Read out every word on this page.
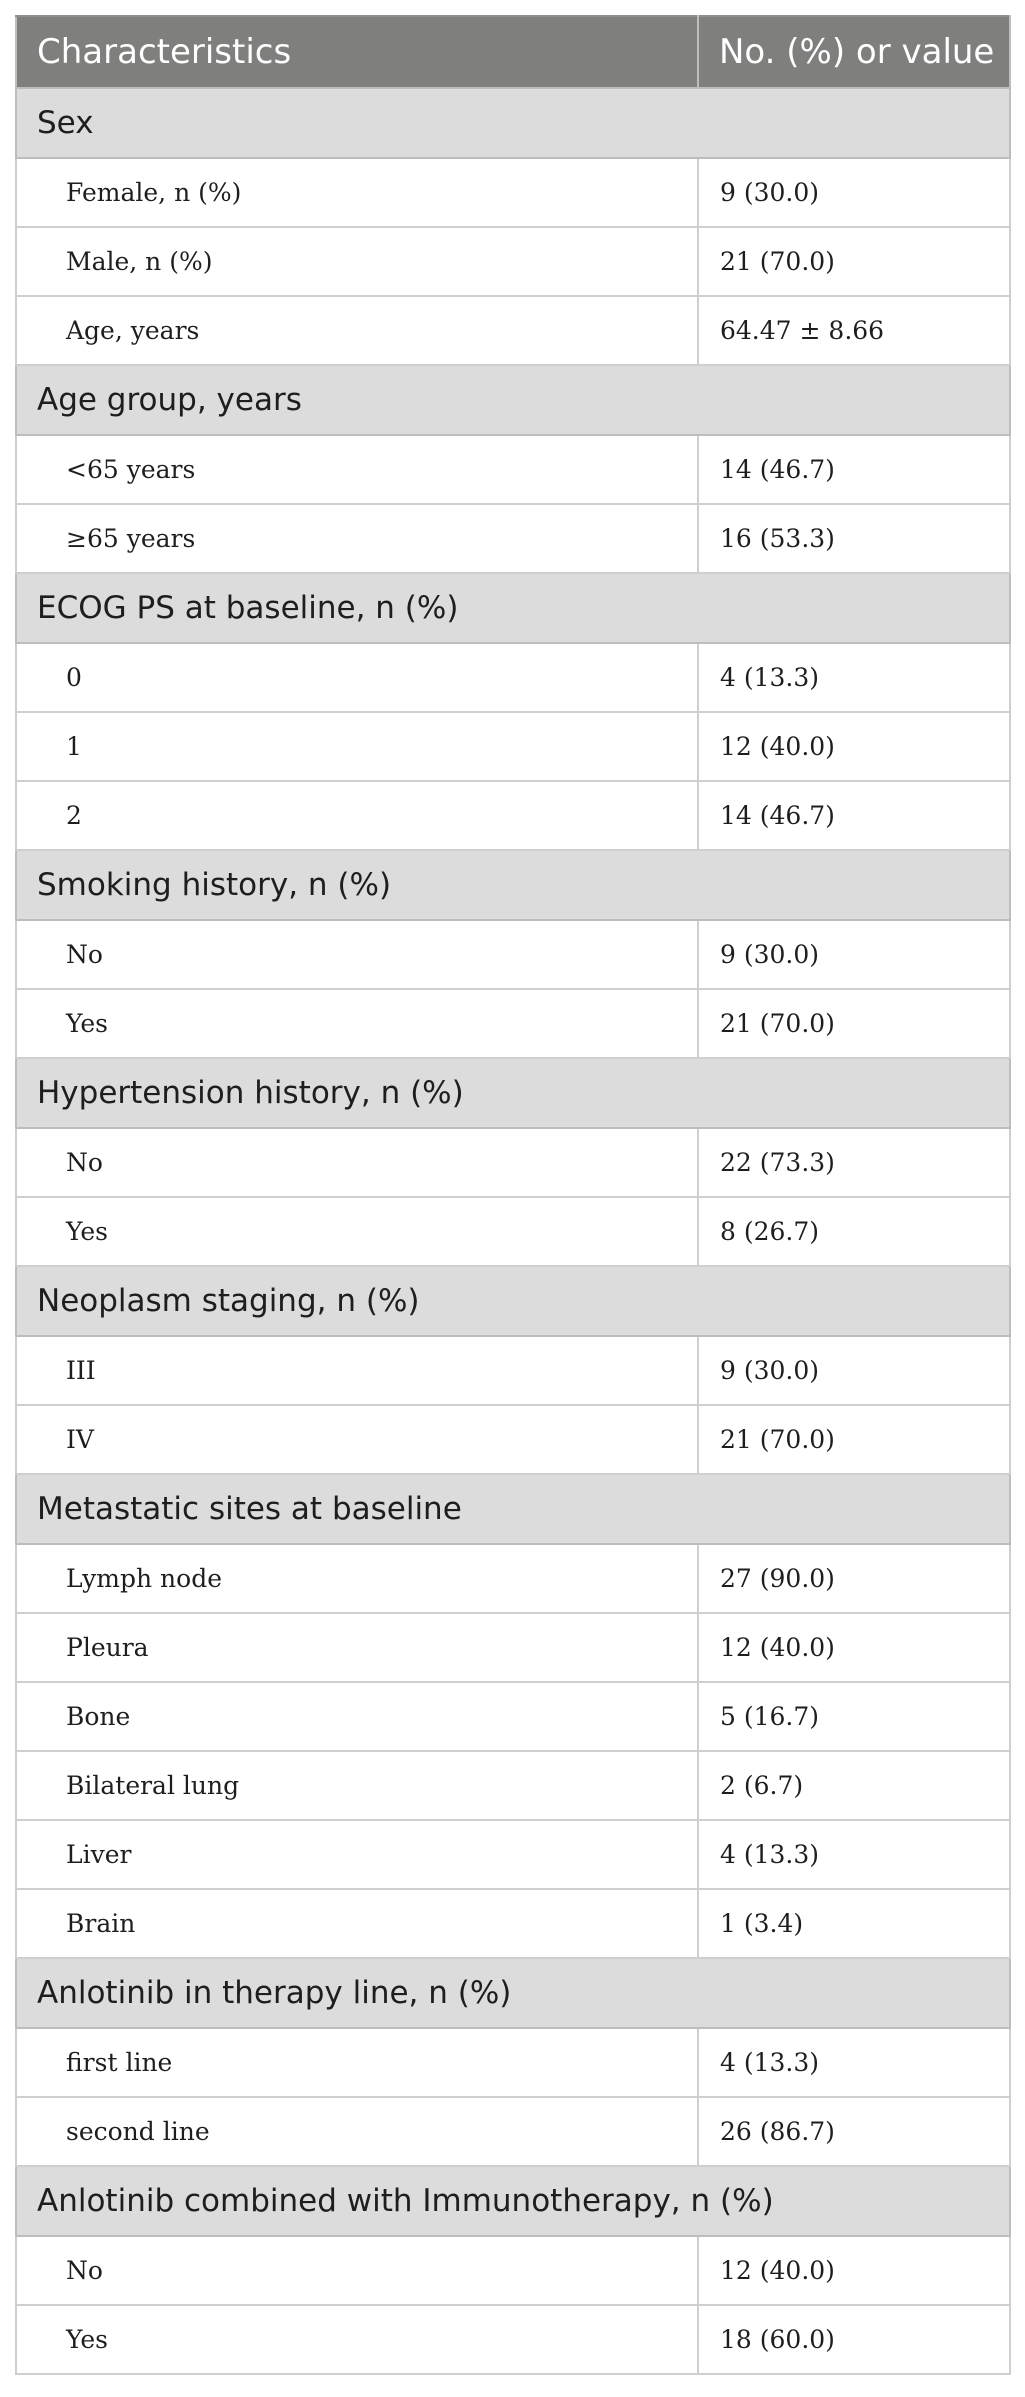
Characteristics	No. (%) or value
Sex	
Female, n (%)	9 (30.0)
Male, n (%)	21 (70.0)
Age, years	64.47 ± 8.66
Age group, years	
<65 years	14 (46.7)
≥65 years	16 (53.3)
ECOG PS at baseline, n (%)	
0	4 (13.3)
1	12 (40.0)
2	14 (46.7)
Smoking history, n (%)	
No	9 (30.0)
Yes	21 (70.0)
Hypertension history, n (%)	
No	22 (73.3)
Yes	8 (26.7)
Neoplasm staging, n (%)	
III	9 (30.0)
IV	21 (70.0)
Metastatic sites at baseline	
Lymph node	27 (90.0)
Pleura	12 (40.0)
Bone	5 (16.7)
Bilateral lung	2 (6.7)
Liver	4 (13.3)
Brain	1 (3.4)
Anlotinib in therapy line, n (%)	
first line	4 (13.3)
second line	26 (86.7)
Anlotinib combined with Immunotherapy, n (%)	
No	12 (40.0)
Yes	18 (60.0)
